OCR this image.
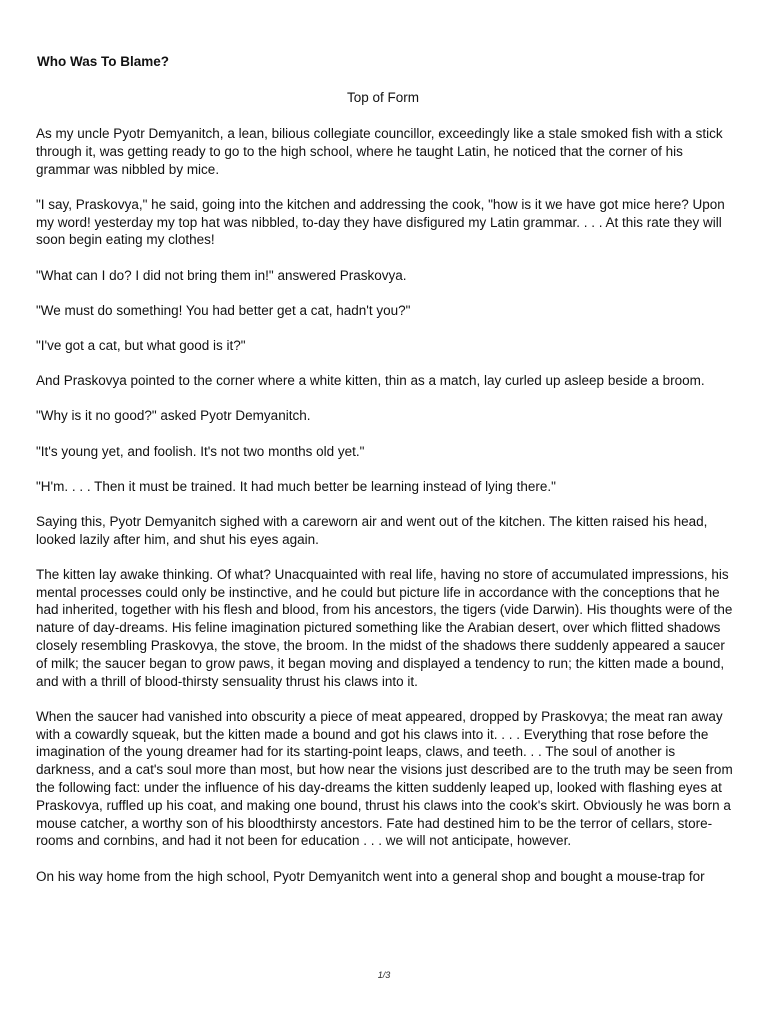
Who Was To Blame?
Top of Form

As my uncle Pyotr Demyanitch, a lean, bilious collegiate councillor, exceedingly like a stale smoked fish with a stick through it, was getting ready to go to the high school, where he taught Latin, he noticed that the corner of his grammar was nibbled by mice.

"I say, Praskovya," he said, going into the kitchen and addressing the cook, "how is it we have got mice here? Upon my word! yesterday my top hat was nibbled, to-day they have disfigured my Latin grammar. . . . At this rate they will soon begin eating my clothes!

"What can I do? I did not bring them in!" answered Praskovya.

"We must do something! You had better get a cat, hadn't you?"

"I've got a cat, but what good is it?"

And Praskovya pointed to the corner where a white kitten, thin as a match, lay curled up asleep beside a broom.

"Why is it no good?" asked Pyotr Demyanitch.

"It's young yet, and foolish. It's not two months old yet."

"H'm. . . . Then it must be trained. It had much better be learning instead of lying there."

Saying this, Pyotr Demyanitch sighed with a careworn air and went out of the kitchen. The kitten raised his head, looked lazily after him, and shut his eyes again.

The kitten lay awake thinking. Of what? Unacquainted with real life, having no store of accumulated impressions, his mental processes could only be instinctive, and he could but picture life in accordance with the conceptions that he had inherited, together with his flesh and blood, from his ancestors, the tigers (vide Darwin). His thoughts were of the nature of day-dreams. His feline imagination pictured something like the Arabian desert, over which flitted shadows closely resembling Praskovya, the stove, the broom. In the midst of the shadows there suddenly appeared a saucer of milk; the saucer began to grow paws, it began moving and displayed a tendency to run; the kitten made a bound, and with a thrill of blood-thirsty sensuality thrust his claws into it.

When the saucer had vanished into obscurity a piece of meat appeared, dropped by Praskovya; the meat ran away with a cowardly squeak, but the kitten made a bound and got his claws into it. . . . Everything that rose before the imagination of the young dreamer had for its starting-point leaps, claws, and teeth. . . The soul of another is darkness, and a cat's soul more than most, but how near the visions just described are to the truth may be seen from the following fact: under the influence of his day-dreams the kitten suddenly leaped up, looked with flashing eyes at Praskovya, ruffled up his coat, and making one bound, thrust his claws into the cook's skirt. Obviously he was born a mouse catcher, a worthy son of his bloodthirsty ancestors. Fate had destined him to be the terror of cellars, store-rooms and cornbins, and had it not been for education . . . we will not anticipate, however.

On his way home from the high school, Pyotr Demyanitch went into a general shop and bought a mouse-trap for

1/3
